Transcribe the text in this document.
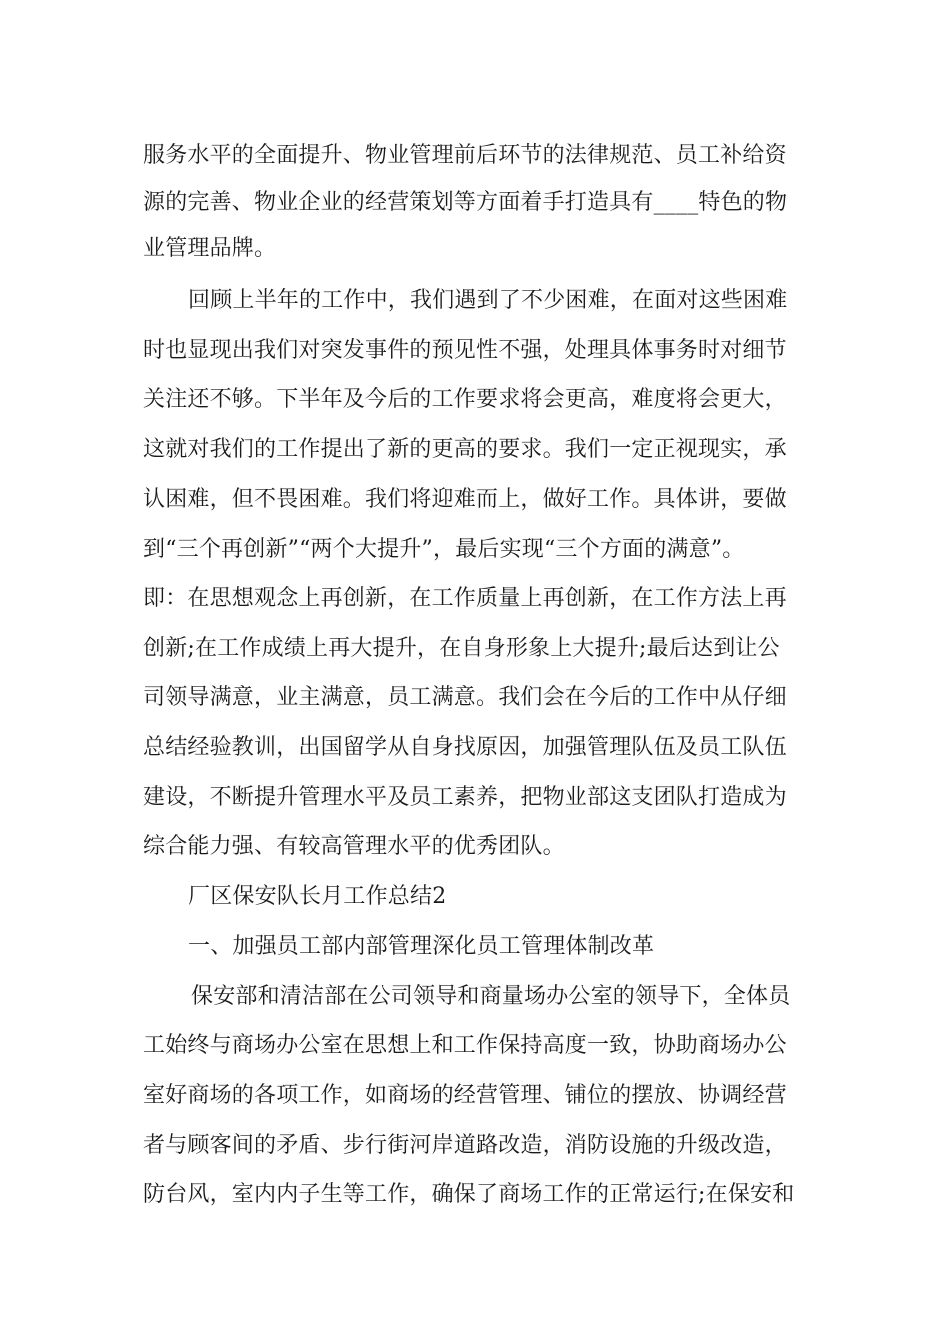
服务水平的全面提升、物业管理前后环节的法律规范、员工补给资

源的完善、物业企业的经营策划等方面着手打造具有____特色的物

业管理品牌。

回顾上半年的工作中，我们遇到了不少困难，在面对这些困难

时也显现出我们对突发事件的预见性不强，处理具体事务时对细节

关注还不够。下半年及今后的工作要求将会更高，难度将会更大，

这就对我们的工作提出了新的更高的要求。我们一定正视现实，承

认困难，但不畏困难。我们将迎难而上，做好工作。具体讲，要做

到“三个再创新”“两个大提升”，最后实现“三个方面的满意”。

即：在思想观念上再创新，在工作质量上再创新，在工作方法上再

创新;在工作成绩上再大提升，在自身形象上大提升;最后达到让公

司领导满意，业主满意，员工满意。我们会在今后的工作中从仔细

总结经验教训，出国留学从自身找原因，加强管理队伍及员工队伍

建设，不断提升管理水平及员工素养，把物业部这支团队打造成为

综合能力强、有较高管理水平的优秀团队。

厂区保安队长月工作总结2

一、加强员工部内部管理深化员工管理体制改革

保安部和清洁部在公司领导和商量场办公室的领导下，全体员

工始终与商场办公室在思想上和工作保持高度一致，协助商场办公

室好商场的各项工作，如商场的经营管理、铺位的摆放、协调经营

者与顾客间的矛盾、步行街河岸道路改造，消防设施的升级改造，

防台风，室内内子生等工作，确保了商场工作的正常运行;在保安和
